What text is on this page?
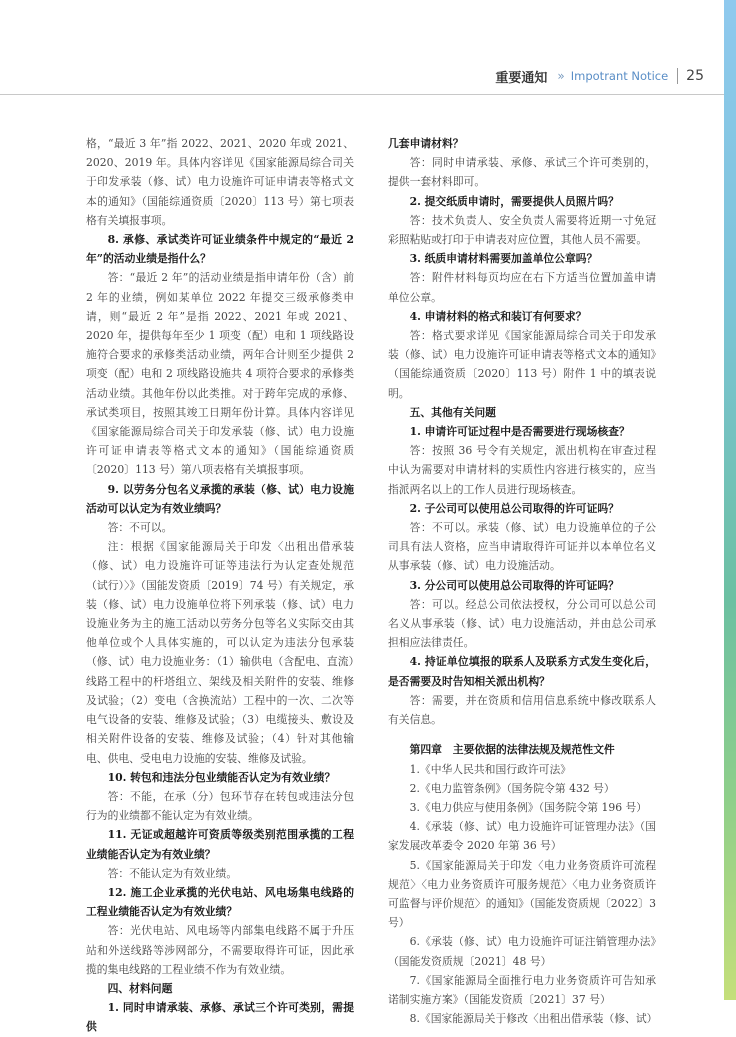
重要通知 » Impotrant Notice 25

格，“最近 3 年”指 2022、2021、2020 年或 2021、2020、2019 年。具体内容详见《国家能源局综合司关于印发承装（修、试）电力设施许可证申请表等格式文本的通知》（国能综通资质〔2020〕113 号）第七项表格有关填报事项。

8. 承修、承试类许可证业绩条件中规定的“最近 2 年”的活动业绩是指什么？

答：“最近 2 年”的活动业绩是指申请年份（含）前 2 年的业绩，例如某单位 2022 年提交三级承修类申请，则“最近 2 年”是指 2022、2021 年或 2021、2020 年，提供每年至少 1 项变（配）电和 1 项线路设施符合要求的承修类活动业绩，两年合计则至少提供 2 项变（配）电和 2 项线路设施共 4 项符合要求的承修类活动业绩。其他年份以此类推。对于跨年完成的承修、承试类项目，按照其竣工日期年份计算。具体内容详见《国家能源局综合司关于印发承装（修、试）电力设施许可证申请表等格式文本的通知》（国能综通资质〔2020〕113 号）第八项表格有关填报事项。

9. 以劳务分包名义承揽的承装（修、试）电力设施活动可以认定为有效业绩吗？

答：不可以。

注：根据《国家能源局关于印发〈出租出借承装（修、试）电力设施许可证等违法行为认定查处规范（试行）〉》（国能发资质〔2019〕74 号）有关规定，承装（修、试）电力设施单位将下列承装（修、试）电力设施业务为主的施工活动以劳务分包等名义实际交由其他单位或个人具体实施的，可以认定为违法分包承装（修、试）电力设施业务：（1）输供电（含配电、直流）线路工程中的杆塔组立、架线及相关附件的安装、维修及试验；（2）变电（含换流站）工程中的一次、二次等电气设备的安装、维修及试验；（3）电缆接头、敷设及相关附件设备的安装、维修及试验；（4）针对其他输电、供电、受电电力设施的安装、维修及试验。

10. 转包和违法分包业绩能否认定为有效业绩？

答：不能，在承（分）包环节存在转包或违法分包行为的业绩都不能认定为有效业绩。

11. 无证或超越许可资质等级类别范围承揽的工程业绩能否认定为有效业绩？

答：不能认定为有效业绩。

12. 施工企业承揽的光伏电站、风电场集电线路的工程业绩能否认定为有效业绩？

答：光伏电站、风电场等内部集电线路不属于升压站和外送线路等涉网部分，不需要取得许可证，因此承揽的集电线路的工程业绩不作为有效业绩。

四、材料问题

1. 同时申请承装、承修、承试三个许可类别，需提供

几套申请材料？

答：同时申请承装、承修、承试三个许可类别的，提供一套材料即可。

2. 提交纸质申请时，需要提供人员照片吗？

答：技术负责人、安全负责人需要将近期一寸免冠彩照粘贴或打印于申请表对应位置，其他人员不需要。

3. 纸质申请材料需要加盖单位公章吗？

答：附件材料每页均应在右下方适当位置加盖申请单位公章。

4. 申请材料的格式和装订有何要求？

答：格式要求详见《国家能源局综合司关于印发承装（修、试）电力设施许可证申请表等格式文本的通知》（国能综通资质〔2020〕113 号）附件 1 中的填表说明。

五、其他有关问题

1. 申请许可证过程中是否需要进行现场核查？

答：按照 36 号令有关规定，派出机构在审查过程中认为需要对申请材料的实质性内容进行核实的，应当指派两名以上的工作人员进行现场核查。

2. 子公司可以使用总公司取得的许可证吗？

答：不可以。承装（修、试）电力设施单位的子公司具有法人资格，应当申请取得许可证并以本单位名义从事承装（修、试）电力设施活动。

3. 分公司可以使用总公司取得的许可证吗？

答：可以。经总公司依法授权，分公司可以总公司名义从事承装（修、试）电力设施活动，并由总公司承担相应法律责任。

4. 持证单位填报的联系人及联系方式发生变化后，是否需要及时告知相关派出机构？

答：需要，并在资质和信用信息系统中修改联系人有关信息。

第四章　主要依据的法律法规及规范性文件

1.《中华人民共和国行政许可法》

2.《电力监管条例》（国务院令第 432 号）

3.《电力供应与使用条例》（国务院令第 196 号）

4.《承装（修、试）电力设施许可证管理办法》（国家发展改革委令 2020 年第 36 号）

5.《国家能源局关于印发〈电力业务资质许可流程规范〉〈电力业务资质许可服务规范〉〈电力业务资质许可监督与评价规范〉的通知》（国能发资质规〔2022〕3 号）

6.《承装（修、试）电力设施许可证注销管理办法》（国能发资质规〔2021〕48 号）

7.《国家能源局全面推行电力业务资质许可告知承诺制实施方案》（国能发资质〔2021〕37 号）

8.《国家能源局关于修改〈出租出借承装（修、试）
